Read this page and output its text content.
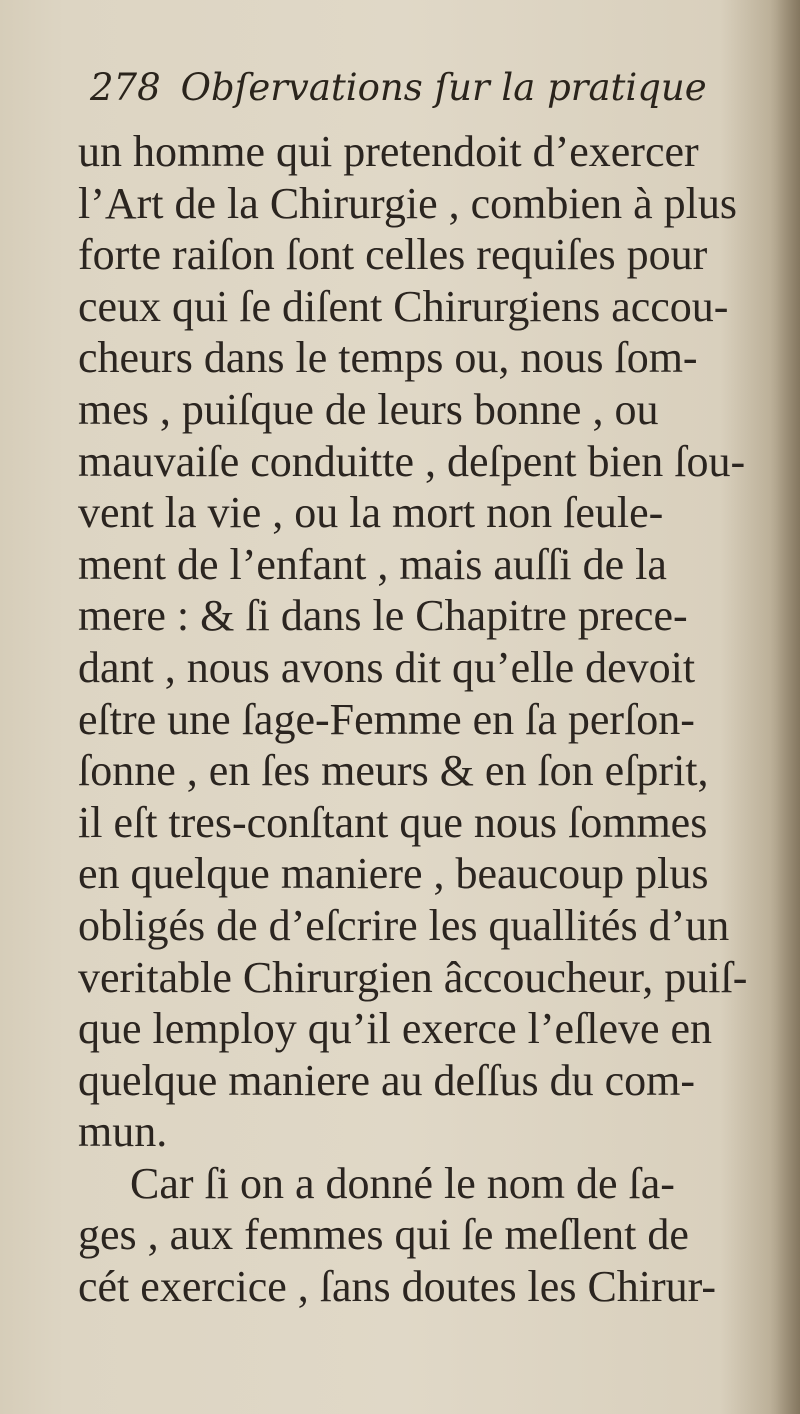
278 Obſervations ſur la pratique
un homme qui pretendoit d’exercer
l’Art de la Chirurgie , combien à plus
forte raiſon ſont celles requiſes pour
ceux qui ſe diſent Chirurgiens accou-
cheurs dans le temps ou, nous ſom-
mes , puiſque de leurs bonne , ou
mauvaiſe conduitte , deſpent bien ſou-
vent la vie , ou la mort non ſeule-
ment de l’enfant , mais auſſi de la
mere : & ſi dans le Chapitre prece-
dant , nous avons dit qu’elle devoit
eſtre une ſage-Femme en ſa perſon-
ſonne , en ſes meurs & en ſon eſprit,
il eſt tres-conſtant que nous ſommes
en quelque maniere , beaucoup plus
obligés de d’eſcrire les quallités d’un
veritable Chirurgien âccoucheur, puiſ-
que lemploy qu’il exerce l’eſleve en
quelque maniere au deſſus du com-
mun.
Car ſi on a donné le nom de ſa-
ges , aux femmes qui ſe meſlent de
cét exercice , ſans doutes les Chirur-
